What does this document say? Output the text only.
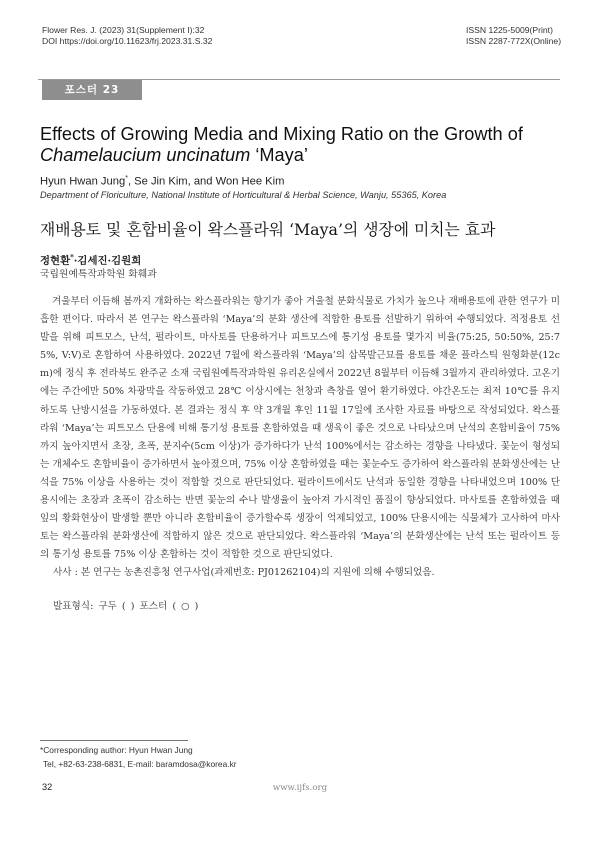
Flower Res. J. (2023) 31(Supplement I):32
DOI https://doi.org/10.11623/frj.2023.31.S.32
ISSN 1225-5009(Print)
ISSN 2287-772X(Online)
포스터 23
Effects of Growing Media and Mixing Ratio on the Growth of
Chamelaucium uncinatum ‘Maya’
Hyun Hwan Jung*, Se Jin Kim, and Won Hee Kim
Department of Floriculture, National Institute of Horticultural & Herbal Science, Wanju, 55365, Korea
재배용토 및 혼합비율이 왁스플라워 ‘Maya’의 생장에 미치는 효과
정현환*·김세진·김원희
국립원예특작과학원 화훼과
겨울부터 이듬해 봄까지 개화하는 왁스플라워는 향기가 좋아 겨울철 분화식물로 가치가 높으나 재배용토에 관한 연구가 미흡한 편이다. 따라서 본 연구는 왁스플라워 ‘Maya’의 분화 생산에 적합한 용토를 선발하기 위하여 수행되었다. 적정용토 선발을 위해 피트모스, 난석, 펄라이트, 마사토를 단용하거나 피트모스에 통기성 용토를 몇가지 비율(75:25, 50:50%, 25:75%, V:V)로 혼합하여 사용하였다. 2022년 7월에 왁스플라워 ‘Maya’의 삽목발근묘를 용토를 채운 플라스틱 원형화분(12cm)에 정식 후 전라북도 완주군 소재 국립원예특작과학원 유리온실에서 2022년 8월부터 이듬해 3월까지 관리하였다. 고온기에는 주간에만 50% 차광막을 작동하였고 28℃ 이상시에는 천창과 측창을 열어 환기하였다. 야간온도는 최저 10℃를 유지하도록 난방시설을 가동하였다. 본 결과는 정식 후 약 3개월 후인 11월 17일에 조사한 자료를 바탕으로 작성되었다. 왁스플라워 ‘Maya’는 피트모스 단용에 비해 통기성 용토를 혼합하였을 때 생육이 좋은 것으로 나타났으며 난석의 혼합비율이 75%까지 높아지면서 초장, 초폭, 분지수(5cm 이상)가 증가하다가 난석 100%에서는 감소하는 경향을 나타냈다. 꽃눈이 형성되는 개체수도 혼합비율이 증가하면서 높아졌으며, 75% 이상 혼합하였을 때는 꽃눈수도 증가하여 왁스플라워 분화생산에는 난석을 75% 이상을 사용하는 것이 적합할 것으로 판단되었다. 펄라이트에서도 난석과 동일한 경향을 나타내었으며 100% 단용시에는 초장과 초폭이 감소하는 반면 꽃눈의 수나 발생율이 높아져 가시적인 품질이 향상되었다. 마사토를 혼합하였을 때 잎의 황화현상이 발생할 뿐만 아니라 혼합비율이 증가할수록 생장이 억제되었고, 100% 단용시에는 식물체가 고사하여 마사토는 왁스플라워 분화생산에 적합하지 않은 것으로 판단되었다. 왁스플라워 ‘Maya’의 분화생산에는 난석 또는 펄라이트 등의 통기성 용토를 75% 이상 혼합하는 것이 적합한 것으로 판단되었다.
사사 : 본 연구는 농촌진흥청 연구사업(과제번호: PJ01262104)의 지원에 의해 수행되었음.
발표형식: 구두 ( ) 포스터 ( ○ )
*Corresponding author: Hyun Hwan Jung
Tel, +82-63-238-6831, E-mail: baramdosa@korea.kr
32	www.ijfs.org
